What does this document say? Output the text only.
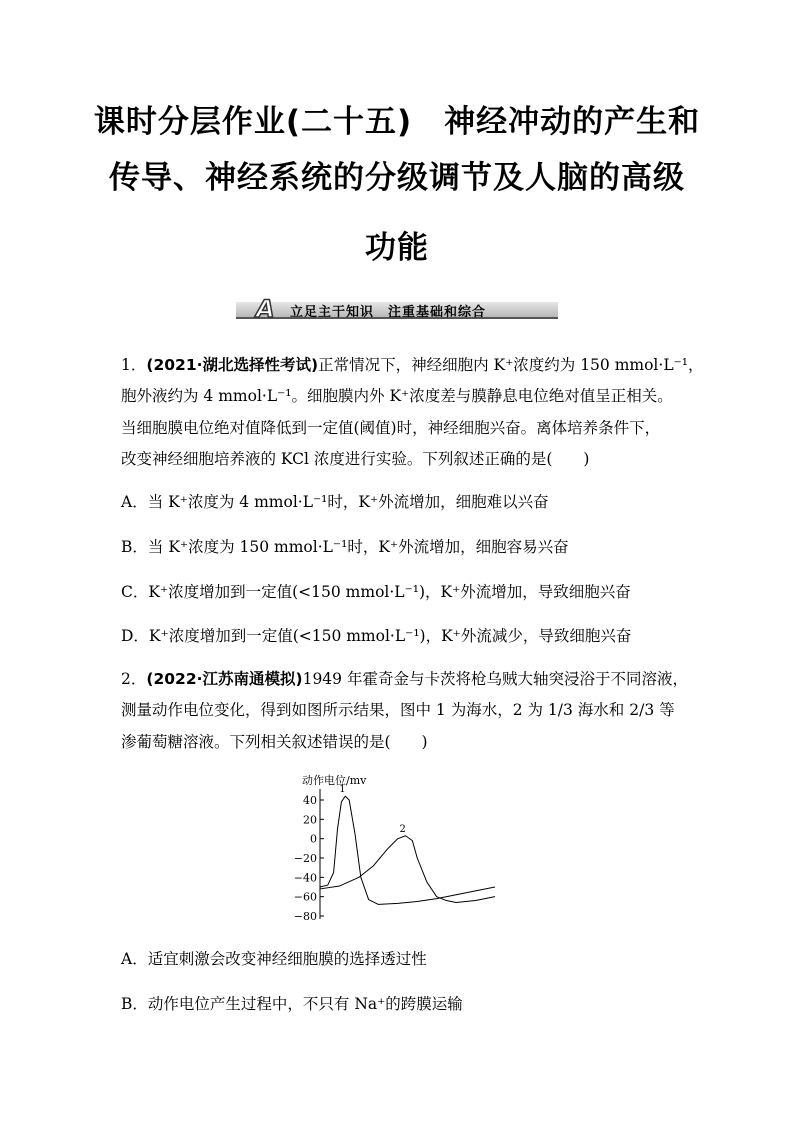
课时分层作业(二十五)　神经冲动的产生和
传导、神经系统的分级调节及人脑的高级
功能
A 立足主干知识　注重基础和综合
1．(2021·湖北选择性考试)正常情况下，神经细胞内 K⁺浓度约为 150 mmol·L⁻¹，
胞外液约为 4 mmol·L⁻¹。细胞膜内外 K⁺浓度差与膜静息电位绝对值呈正相关。
当细胞膜电位绝对值降低到一定值(阈值)时，神经细胞兴奋。离体培养条件下，
改变神经细胞培养液的 KCl 浓度进行实验。下列叙述正确的是(　　)
A．当 K⁺浓度为 4 mmol·L⁻¹时，K⁺外流增加，细胞难以兴奋
B．当 K⁺浓度为 150 mmol·L⁻¹时，K⁺外流增加，细胞容易兴奋
C．K⁺浓度增加到一定值(<150 mmol·L⁻¹)，K⁺外流增加，导致细胞兴奋
D．K⁺浓度增加到一定值(<150 mmol·L⁻¹)，K⁺外流减少，导致细胞兴奋
2．(2022·江苏南通模拟)1949 年霍奇金与卡茨将枪乌贼大轴突浸浴于不同溶液，
测量动作电位变化，得到如图所示结果，图中 1 为海水，2 为 1/3 海水和 2/3 等
渗葡萄糖溶液。下列相关叙述错误的是(　　)
动作电位/mv
40
20
0
−20
−40
−60
−80
1
2
A．适宜刺激会改变神经细胞膜的选择透过性
B．动作电位产生过程中，不只有 Na⁺的跨膜运输
